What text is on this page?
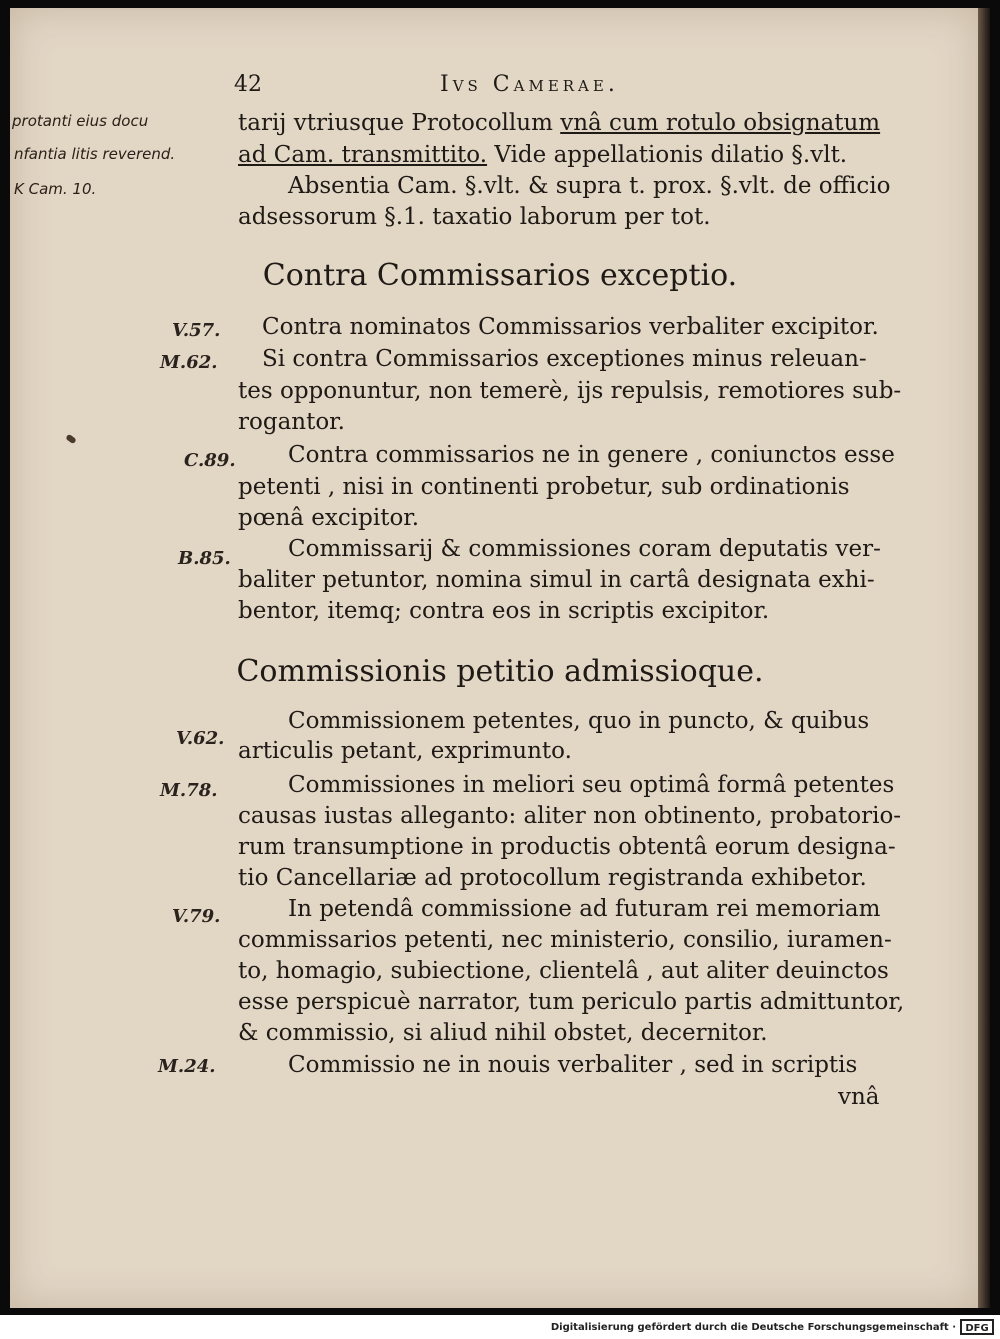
42	Ivs Camerae.
protanti eius docu
nfantia litis reverend.
K Cam. 10.
tarij vtriusque Protocollum vnâ cum rotulo obsignatum
ad Cam. transmittito. Vide appellationis dilatio §.vlt.
Absentia Cam. §.vlt. & supra t. prox. §.vlt. de officio
adsessorum §.1. taxatio laborum per tot.
Contra Commissarios exceptio.
V.57. Contra nominatos Commissarios verbaliter excipitor.
M.62. Si contra Commissarios exceptiones minus releuan-
tes opponuntur, non temerè, ijs repulsis, remotiores sub-
rogantor.
C.89. Contra commissarios ne in genere , coniunctos esse
petenti , nisi in continenti probetur, sub ordinationis
pœnâ excipitor.
B.85. Commissarij & commissiones coram deputatis ver-
baliter petuntor, nomina simul in cartâ designata exhi-
bentor, itemq; contra eos in scriptis excipitor.
Commissionis petitio admissioque.
V.62.
Commissionem petentes, quo in puncto, & quibus
articulis petant, exprimunto.
M.78.	Commissiones in meliori seu optimâ formâ petentes
causas iustas alleganto: aliter non obtinento, probatorio-
rum transumptione in productis obtentâ eorum designa-
tio Cancellariæ ad protocollum registranda exhibetor.
V.79.	In petendâ commissione ad futuram rei memoriam
commissarios petenti, nec ministerio, consilio, iuramen-
to, homagio, subiectione, clientelâ , aut aliter deuinctos
esse perspicuè narrator, tum periculo partis admittuntor,
& commissio, si aliud nihil obstet, decernitor.
M.24.	Commissio ne in nouis verbaliter , sed in scriptis
vnâ
Digitalisierung gefördert durch die Deutsche Forschungsgemeinschaft · DFG
